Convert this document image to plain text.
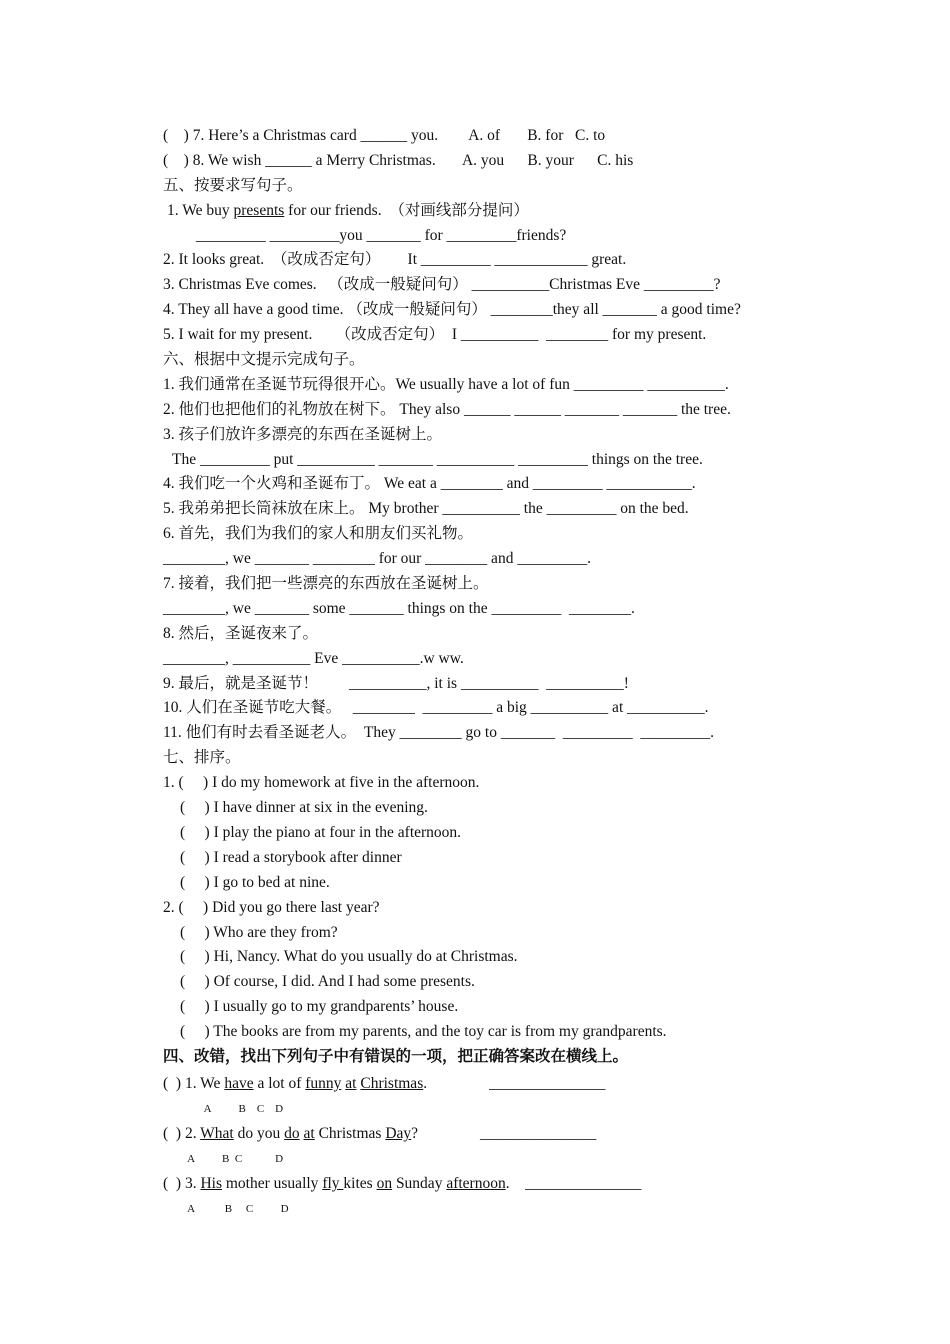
(    ) 7. Here’s a Christmas card ______ you.        A. of       B. for   C. to
(    ) 8. We wish ______ a Merry Christmas.       A. you      B. your      C. his
五、按要求写句子。
1. We buy presents for our friends.  （对画线部分提问）
_________ _________you _______ for _________friends?
2. It looks great.  （改成否定句）       It _________ ____________ great.
3. Christmas Eve comes.   （改成一般疑问句） __________Christmas Eve _________?
4. They all have a good time. （改成一般疑问句） ________they all _______ a good time?
5. I wait for my present.      （改成否定句）  I __________  ________ for my present.
六、根据中文提示完成句子。
1. 我们通常在圣诞节玩得很开心。We usually have a lot of fun _________ __________.
2. 他们也把他们的礼物放在树下。 They also ______ ______ _______ _______ the tree.
3. 孩子们放许多漂亮的东西在圣诞树上。
The _________ put __________ _______ __________ _________ things on the tree.
4. 我们吃一个火鸡和圣诞布丁。 We eat a ________ and _________ ___________.
5. 我弟弟把长筒袜放在床上。 My brother __________ the _________ on the bed.
6. 首先，我们为我们的家人和朋友们买礼物。
________, we _______ ________ for our ________ and _________.
7. 接着，我们把一些漂亮的东西放在圣诞树上。
________, we _______ some _______ things on the _________  ________.
8. 然后，圣诞夜来了。
________, __________ Eve __________.w ww.
9. 最后，就是圣诞节！        __________, it is __________  __________!
10. 人们在圣诞节吃大餐。   ________  _________ a big __________ at __________.
11. 他们有时去看圣诞老人。  They ________ go to _______  _________  _________.
七、排序。
1. (     ) I do my homework at five in the afternoon.
(     ) I have dinner at six in the evening.
(     ) I play the piano at four in the afternoon.
(     ) I read a storybook after dinner
(     ) I go to bed at nine.
2. (     ) Did you go there last year?
(     ) Who are they from?
(     ) Hi, Nancy. What do you usually do at Christmas.
(     ) Of course, I did. And I had some presents.
(     ) I usually go to my grandparents’ house.
(     ) The books are from my parents, and the toy car is from my grandparents.
四、改错，找出下列句子中有错误的一项，把正确答案改在横线上。
(  ) 1. We have a lot of funny at Christmas.                _______________
A          B    C    D
(  ) 2. What do you do at Christmas Day?                _______________
A          B  C            D
(  ) 3. His mother usually fly kites on Sunday afternoon.    _______________
A           B     C          D
